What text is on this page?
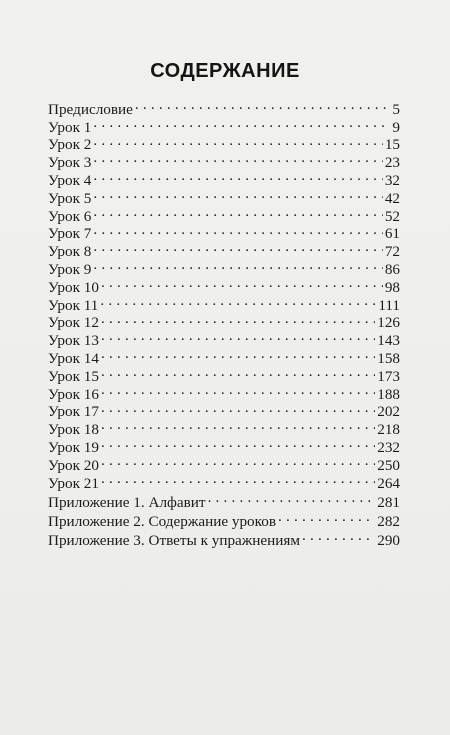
СОДЕРЖАНИЕ
Предисловие . . .	5
Урок 1 . . .	9
Урок 2 . . .	15
Урок 3 . . .	23
Урок 4 . . .	32
Урок 5 . . .	42
Урок 6 . . .	52
Урок 7 . . .	61
Урок 8 . . .	72
Урок 9 . . .	86
Урок 10 . . .	98
Урок 11 . . .	111
Урок 12 . . .	126
Урок 13 . . .	143
Урок 14 . . .	158
Урок 15 . . .	173
Урок 16 . . .	188
Урок 17 . . .	202
Урок 18 . . .	218
Урок 19 . . .	232
Урок 20 . . .	250
Урок 21 . . .	264
Приложение 1. Алфавит . . .	281
Приложение 2. Содержание уроков . . .	282
Приложение 3. Ответы к упражнениям . . .	290
